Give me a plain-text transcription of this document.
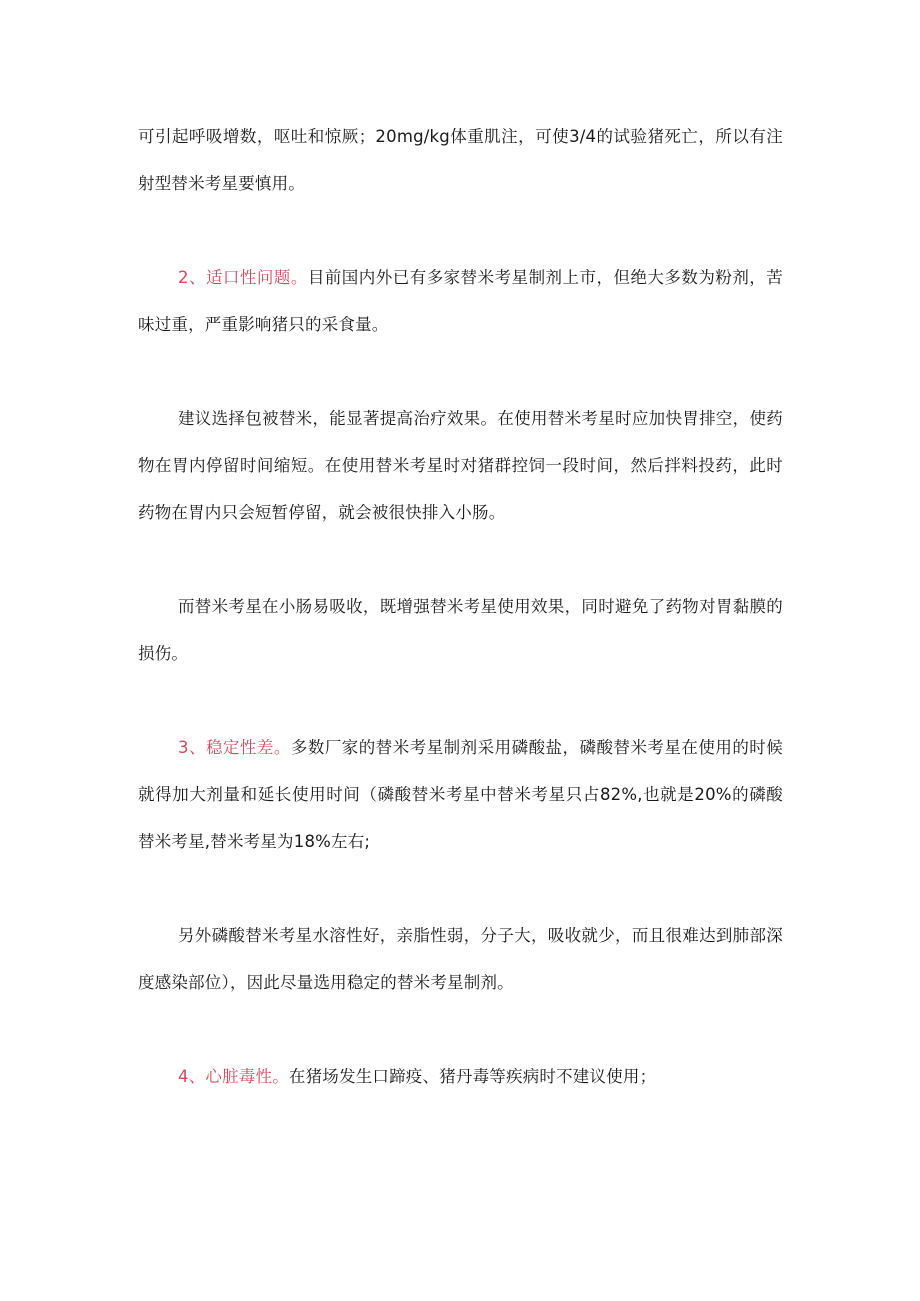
可引起呼吸增数，呕吐和惊厥；20mg/kg体重肌注，可使3/4的试验猪死亡，所以有注射型替米考星要慎用。

2、适口性问题。目前国内外已有多家替米考星制剂上市，但绝大多数为粉剂，苦味过重，严重影响猪只的采食量。

建议选择包被替米，能显著提高治疗效果。在使用替米考星时应加快胃排空，使药物在胃内停留时间缩短。在使用替米考星时对猪群控饲一段时间，然后拌料投药，此时药物在胃内只会短暂停留，就会被很快排入小肠。

而替米考星在小肠易吸收，既增强替米考星使用效果，同时避免了药物对胃黏膜的损伤。

3、稳定性差。多数厂家的替米考星制剂采用磷酸盐，磷酸替米考星在使用的时候就得加大剂量和延长使用时间（磷酸替米考星中替米考星只占82%,也就是20%的磷酸替米考星,替米考星为18%左右;

另外磷酸替米考星水溶性好，亲脂性弱，分子大，吸收就少，而且很难达到肺部深度感染部位），因此尽量选用稳定的替米考星制剂。

4、心脏毒性。在猪场发生口蹄疫、猪丹毒等疾病时不建议使用；
